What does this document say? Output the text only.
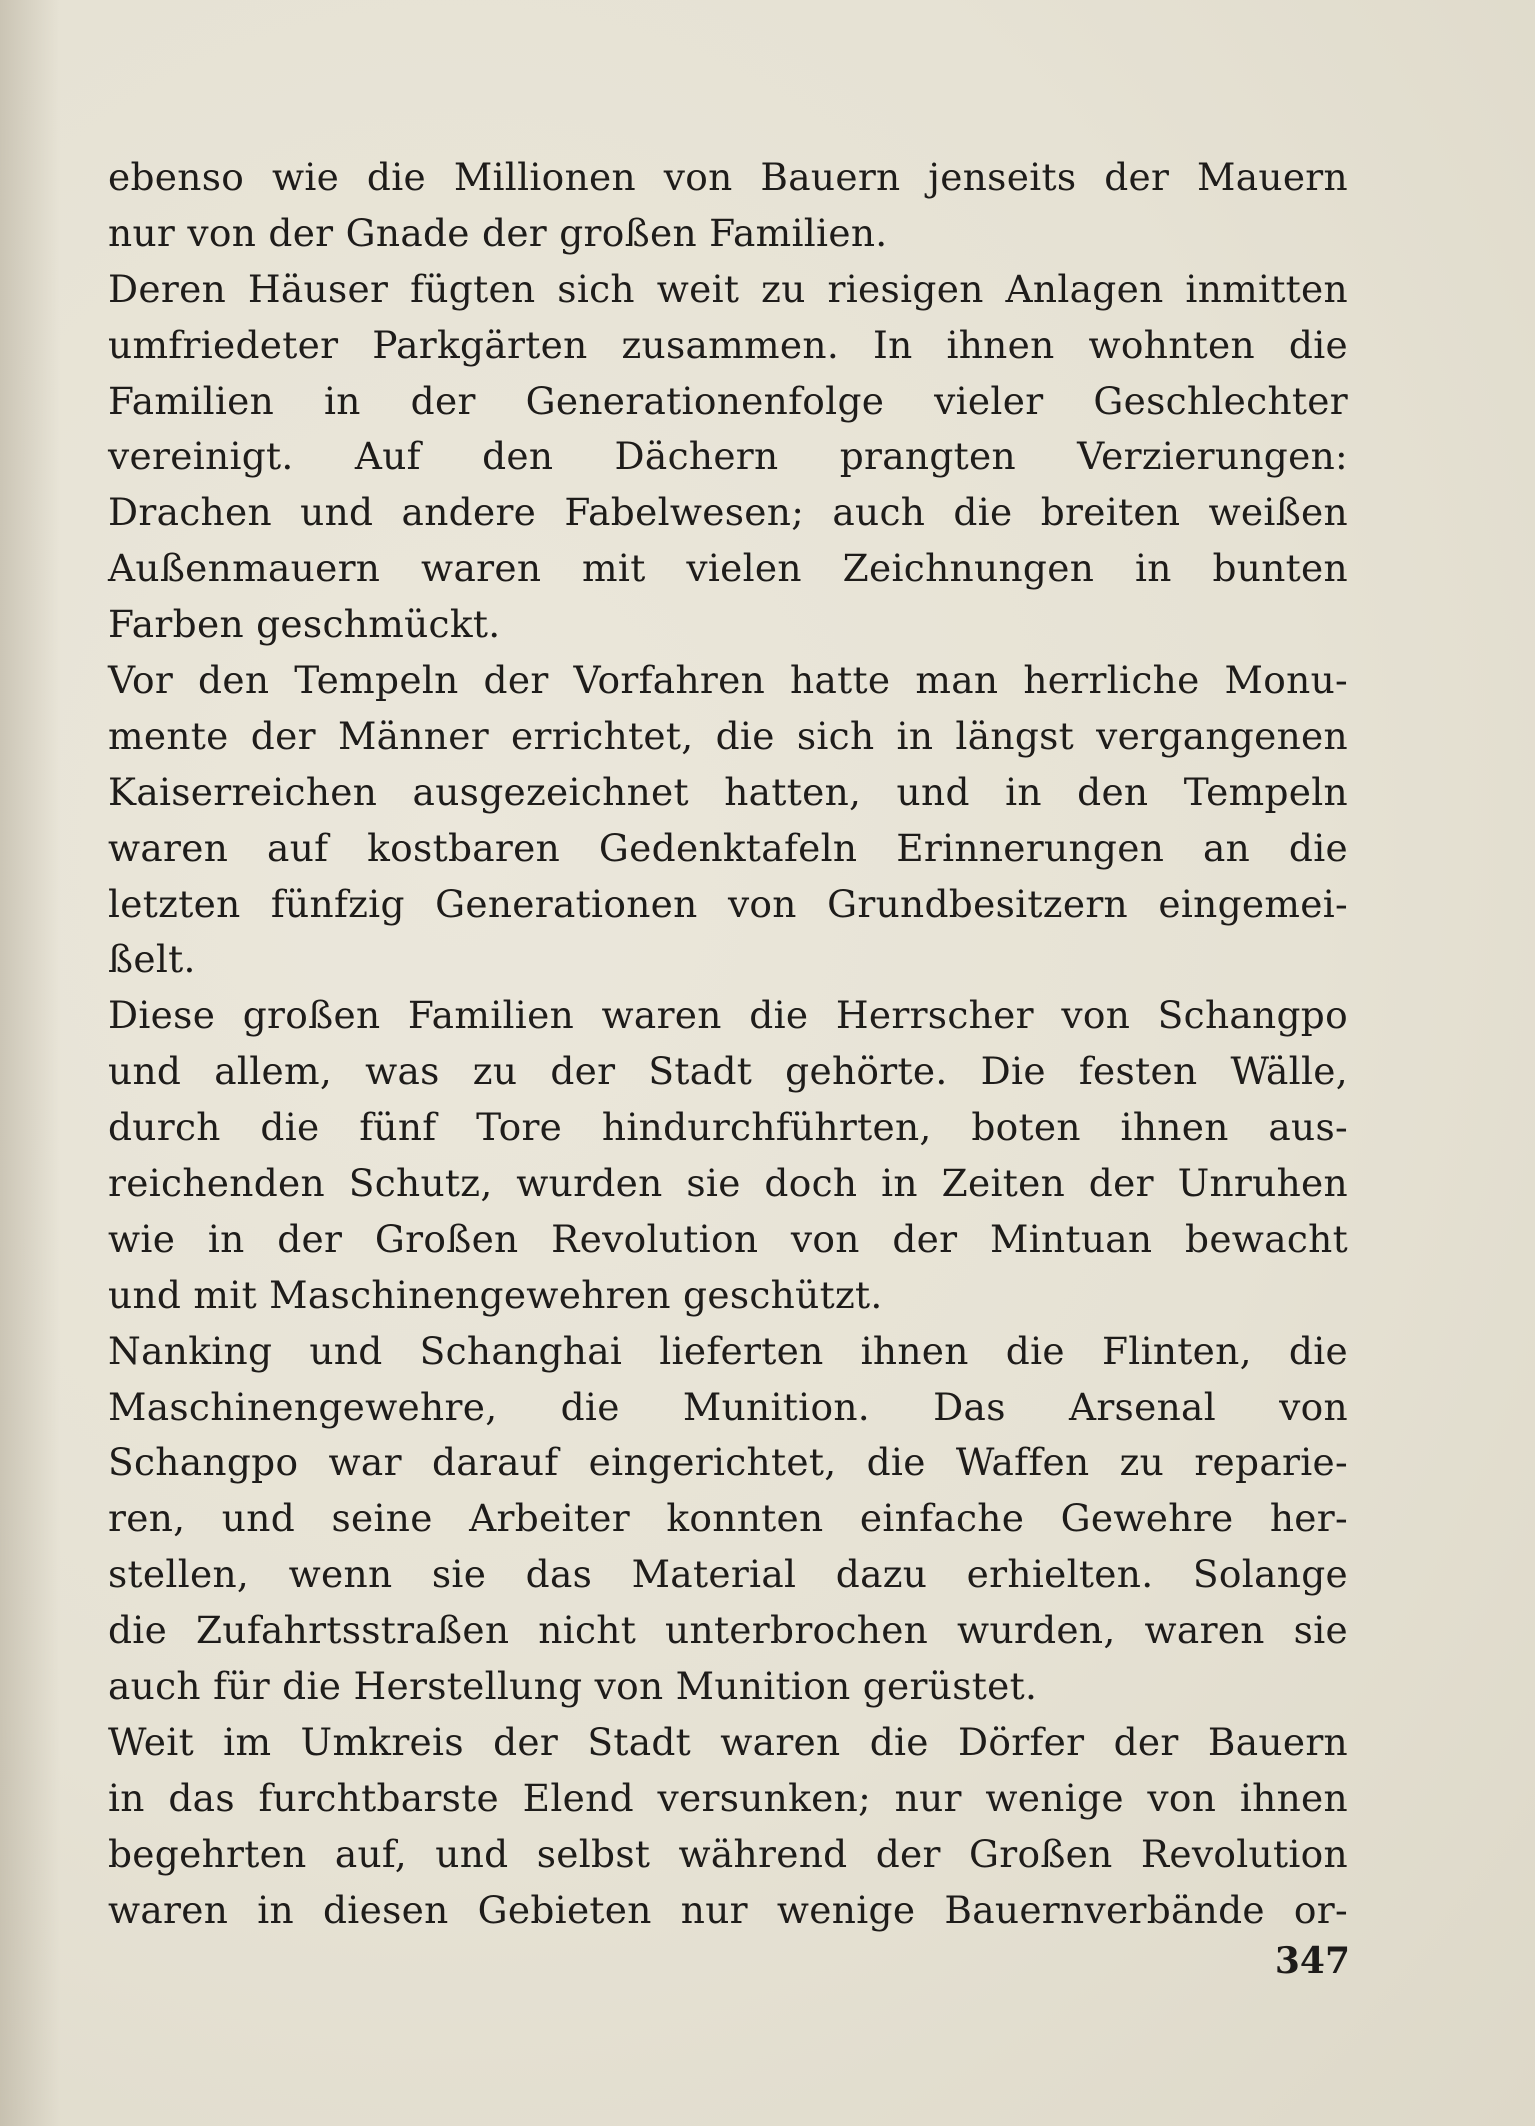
ebenso wie die Millionen von Bauern jenseits der Mauern
nur von der Gnade der großen Familien.
Deren Häuser fügten sich weit zu riesigen Anlagen inmitten
umfriedeter Parkgärten zusammen. In ihnen wohnten die
Familien in der Generationenfolge vieler Geschlechter
vereinigt. Auf den Dächern prangten Verzierungen:
Drachen und andere Fabelwesen; auch die breiten weißen
Außenmauern waren mit vielen Zeichnungen in bunten
Farben geschmückt.
Vor den Tempeln der Vorfahren hatte man herrliche Monu-
mente der Männer errichtet, die sich in längst vergangenen
Kaiserreichen ausgezeichnet hatten, und in den Tempeln
waren auf kostbaren Gedenktafeln Erinnerungen an die
letzten fünfzig Generationen von Grundbesitzern eingemei-
ßelt.
Diese großen Familien waren die Herrscher von Schangpo
und allem, was zu der Stadt gehörte. Die festen Wälle,
durch die fünf Tore hindurchführten, boten ihnen aus-
reichenden Schutz, wurden sie doch in Zeiten der Unruhen
wie in der Großen Revolution von der Mintuan bewacht
und mit Maschinengewehren geschützt.
Nanking und Schanghai lieferten ihnen die Flinten, die
Maschinengewehre, die Munition. Das Arsenal von
Schangpo war darauf eingerichtet, die Waffen zu reparie-
ren, und seine Arbeiter konnten einfache Gewehre her-
stellen, wenn sie das Material dazu erhielten. Solange
die Zufahrtsstraßen nicht unterbrochen wurden, waren sie
auch für die Herstellung von Munition gerüstet.
Weit im Umkreis der Stadt waren die Dörfer der Bauern
in das furchtbarste Elend versunken; nur wenige von ihnen
begehrten auf, und selbst während der Großen Revolution
waren in diesen Gebieten nur wenige Bauernverbände or-
347
